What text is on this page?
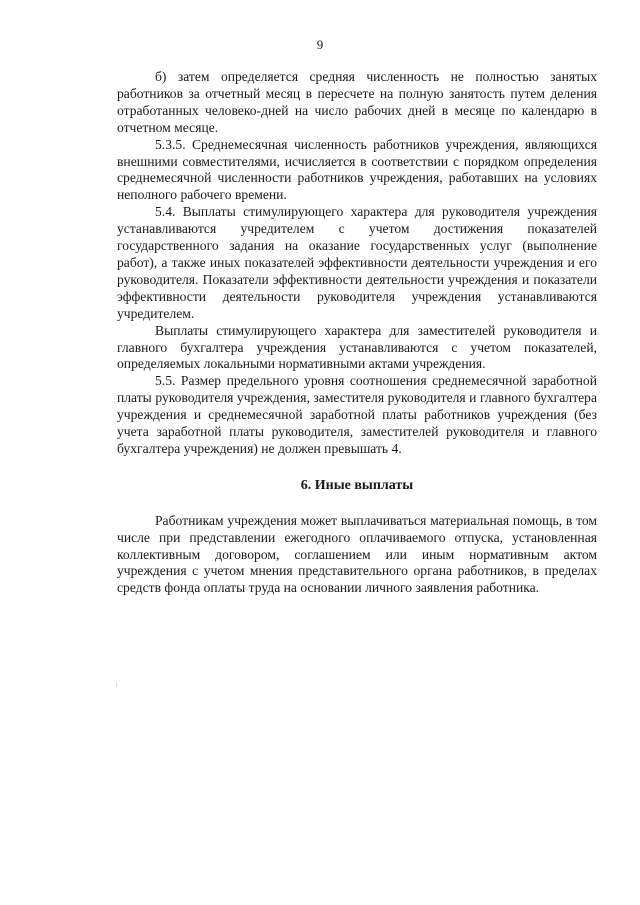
9

б) затем определяется средняя численность не полностью занятых работников за отчетный месяц в пересчете на полную занятость путем деления отработанных человеко-дней на число рабочих дней в месяце по календарю в отчетном месяце.

5.3.5. Среднемесячная численность работников учреждения, являющихся внешними совместителями, исчисляется в соответствии с порядком определения среднемесячной численности работников учреждения, работавших на условиях неполного рабочего времени.

5.4. Выплаты стимулирующего характера для руководителя учреждения устанавливаются учредителем с учетом достижения показателей государственного задания на оказание государственных услуг (выполнение работ), а также иных показателей эффективности деятельности учреждения и его руководителя. Показатели эффективности деятельности учреждения и показатели эффективности деятельности руководителя учреждения устанавливаются учредителем.

Выплаты стимулирующего характера для заместителей руководителя и главного бухгалтера учреждения устанавливаются с учетом показателей, определяемых локальными нормативными актами учреждения.

5.5. Размер предельного уровня соотношения среднемесячной заработной платы руководителя учреждения, заместителя руководителя и главного бухгалтера учреждения и среднемесячной заработной платы работников учреждения (без учета заработной платы руководителя, заместителей руководителя и главного бухгалтера учреждения) не должен превышать 4.

6. Иные выплаты

Работникам учреждения может выплачиваться материальная помощь, в том числе при представлении ежегодного оплачиваемого отпуска, установленная коллективным договором, соглашением или иным нормативным актом учреждения с учетом мнения представительного органа работников, в пределах средств фонда оплаты труда на основании личного заявления работника.
